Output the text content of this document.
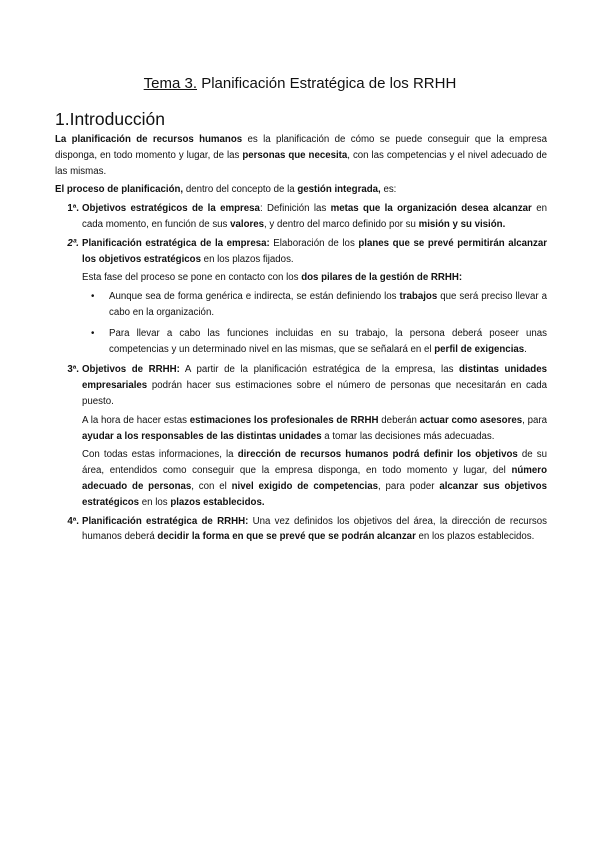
Tema 3. Planificación Estratégica de los RRHH
1.Introducción

La planificación de recursos humanos es la planificación de cómo se puede conseguir que la empresa disponga, en todo momento y lugar, de las personas que necesita, con las competencias y el nivel adecuado de las mismas.

El proceso de planificación, dentro del concepto de la gestión integrada, es:

1ª. Objetivos estratégicos de la empresa: Definición las metas que la organización desea alcanzar en cada momento, en función de sus valores, y dentro del marco definido por su misión y su visión.
2ª. Planificación estratégica de la empresa: Elaboración de los planes que se prevé permitirán alcanzar los objetivos estratégicos en los plazos fijados.

Esta fase del proceso se pone en contacto con los dos pilares de la gestión de RRHH:

• Aunque sea de forma genérica e indirecta, se están definiendo los trabajos que será preciso llevar a cabo en la organización.
• Para llevar a cabo las funciones incluidas en su trabajo, la persona deberá poseer unas competencias y un determinado nivel en las mismas, que se señalará en el perfil de exigencias.
3ª. Objetivos de RRHH: A partir de la planificación estratégica de la empresa, las distintas unidades empresariales podrán hacer sus estimaciones sobre el número de personas que necesitarán en cada puesto.

A la hora de hacer estas estimaciones los profesionales de RRHH deberán actuar como asesores, para ayudar a los responsables de las distintas unidades a tomar las decisiones más adecuadas.

Con todas estas informaciones, la dirección de recursos humanos podrá definir los objetivos de su área, entendidos como conseguir que la empresa disponga, en todo momento y lugar, del número adecuado de personas, con el nivel exigido de competencias, para poder alcanzar sus objetivos estratégicos en los plazos establecidos.

4ª. Planificación estratégica de RRHH: Una vez definidos los objetivos del área, la dirección de recursos humanos deberá decidir la forma en que se prevé que se podrán alcanzar en los plazos establecidos.
